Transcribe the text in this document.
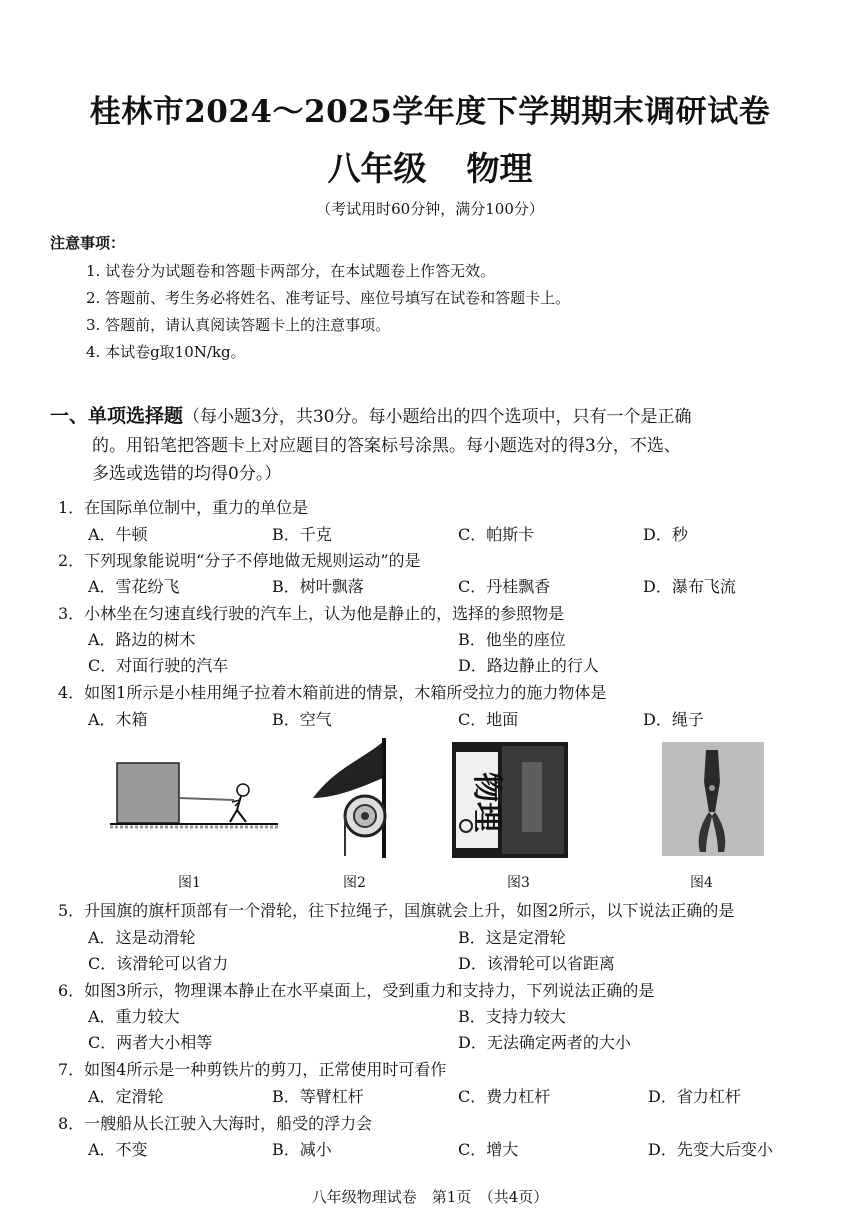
桂林市2024～2025学年度下学期期末调研试卷
八年级 物理
（考试用时60分钟，满分100分）
注意事项：
1. 试卷分为试题卷和答题卡两部分，在本试题卷上作答无效。
2. 答题前、考生务必将姓名、准考证号、座位号填写在试卷和答题卡上。
3. 答题前，请认真阅读答题卡上的注意事项。
4. 本试卷g取10N/kg。
一、单项选择题（每小题3分，共30分。每小题给出的四个选项中，只有一个是正确
的。用铅笔把答题卡上对应题目的答案标号涂黑。每小题选对的得3分，不选、
多选或选错的均得0分。）
1．在国际单位制中，重力的单位是
A．牛顿	B．千克	C．帕斯卡	D．秒
2．下列现象能说明“分子不停地做无规则运动”的是
A．雪花纷飞	B．树叶飘落	C．丹桂飘香	D．瀑布飞流
3．小林坐在匀速直线行驶的汽车上，认为他是静止的，选择的参照物是
A．路边的树木	B．他坐的座位
C．对面行驶的汽车	D．路边静止的行人
4．如图1所示是小桂用绳子拉着木箱前进的情景，木箱所受拉力的施力物体是
A．木箱	B．空气	C．地面	D．绳子
物理
图1	图2	图3	图4
5．升国旗的旗杆顶部有一个滑轮，往下拉绳子，国旗就会上升，如图2所示，以下说法正确的是
A．这是动滑轮	B．这是定滑轮
C．该滑轮可以省力	D．该滑轮可以省距离
6．如图3所示，物理课本静止在水平桌面上，受到重力和支持力，下列说法正确的是
A．重力较大	B．支持力较大
C．两者大小相等	D．无法确定两者的大小
7．如图4所示是一种剪铁片的剪刀，正常使用时可看作
A．定滑轮	B．等臂杠杆	C．费力杠杆	D．省力杠杆
8．一艘船从长江驶入大海时，船受的浮力会
A．不变	B．减小	C．增大	D．先变大后变小
八年级物理试卷　第1页　（共4页）
